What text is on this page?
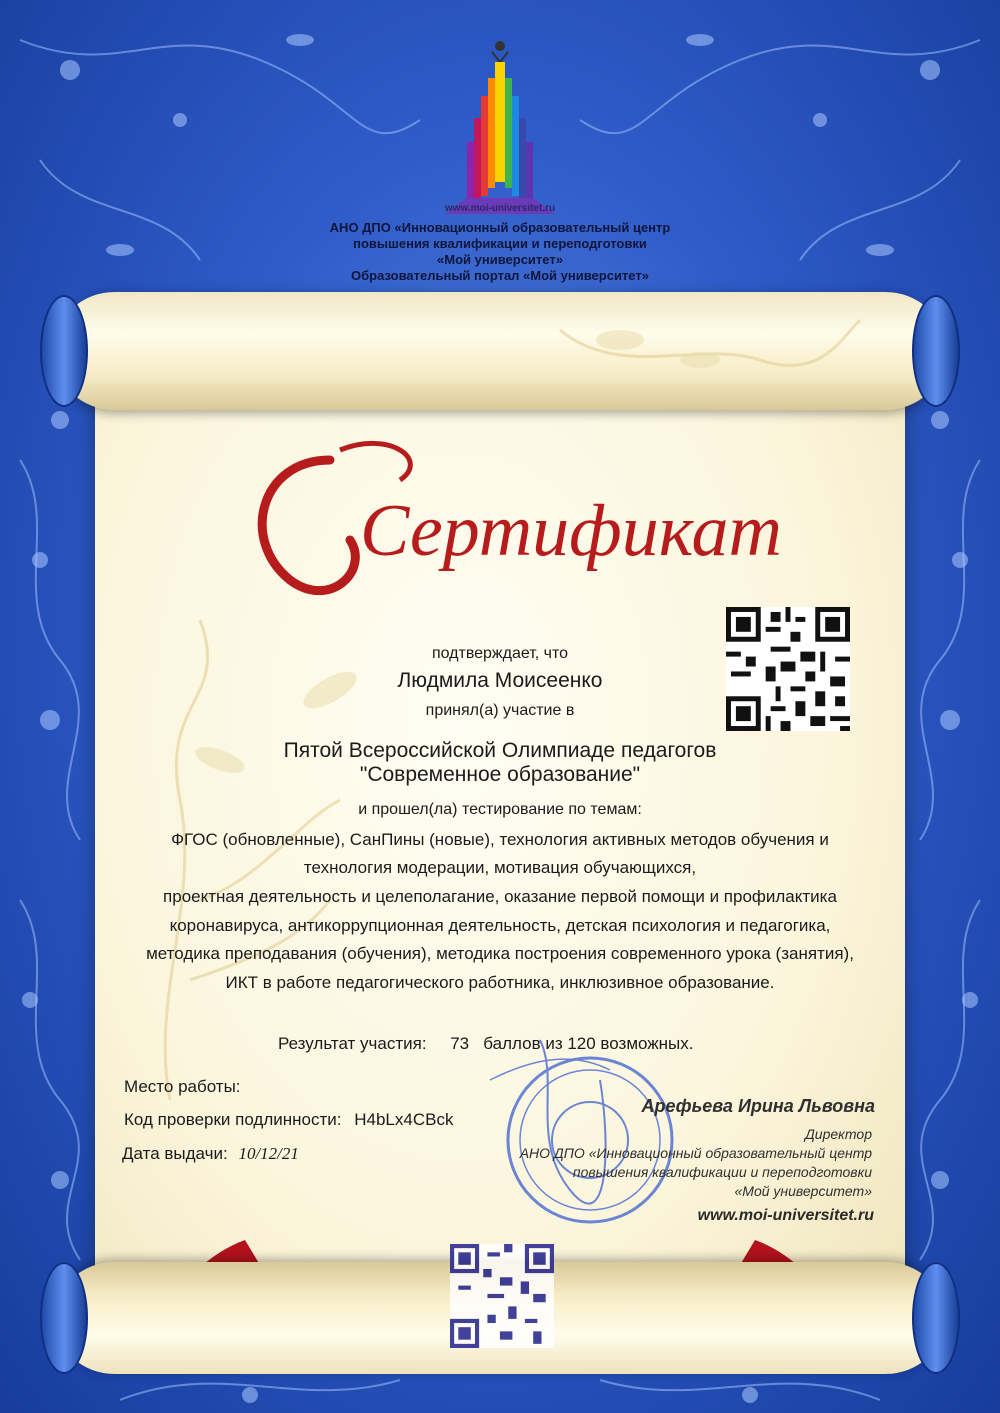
www.moi-universitet.ru
АНО ДПО «Инновационный образовательный центр
повышения квалификации и переподготовки
«Мой университет»
Образовательный портал «Мой университет»
Сертификат
подтверждает, что
Людмила Моисеенко
принял(а) участие в
Пятой Всероссийской Олимпиаде педагогов
"Современное образование"
и прошел(ла) тестирование по темам:
ФГОС (обновленные), СанПины (новые), технология активных методов обучения и
технология модерации, мотивация обучающихся,
проектная деятельность и целеполагание, оказание первой помощи и профилактика
коронавируса, антикоррупционная деятельность, детская психология и педагогика,
методика преподавания (обучения), методика построения современного урока (занятия),
ИКТ в работе педагогического работника, инклюзивное образование.
Результат участия: 73 баллов из 120 возможных.
Место работы:
Код проверки подлинности: H4bLx4CBck
Дата выдачи: 10/12/21
Арефьева Ирина Львовна
Директор
АНО ДПО «Инновационный образовательный центр
повышения квалификации и переподготовки
«Мой университет»
www.moi-universitet.ru
